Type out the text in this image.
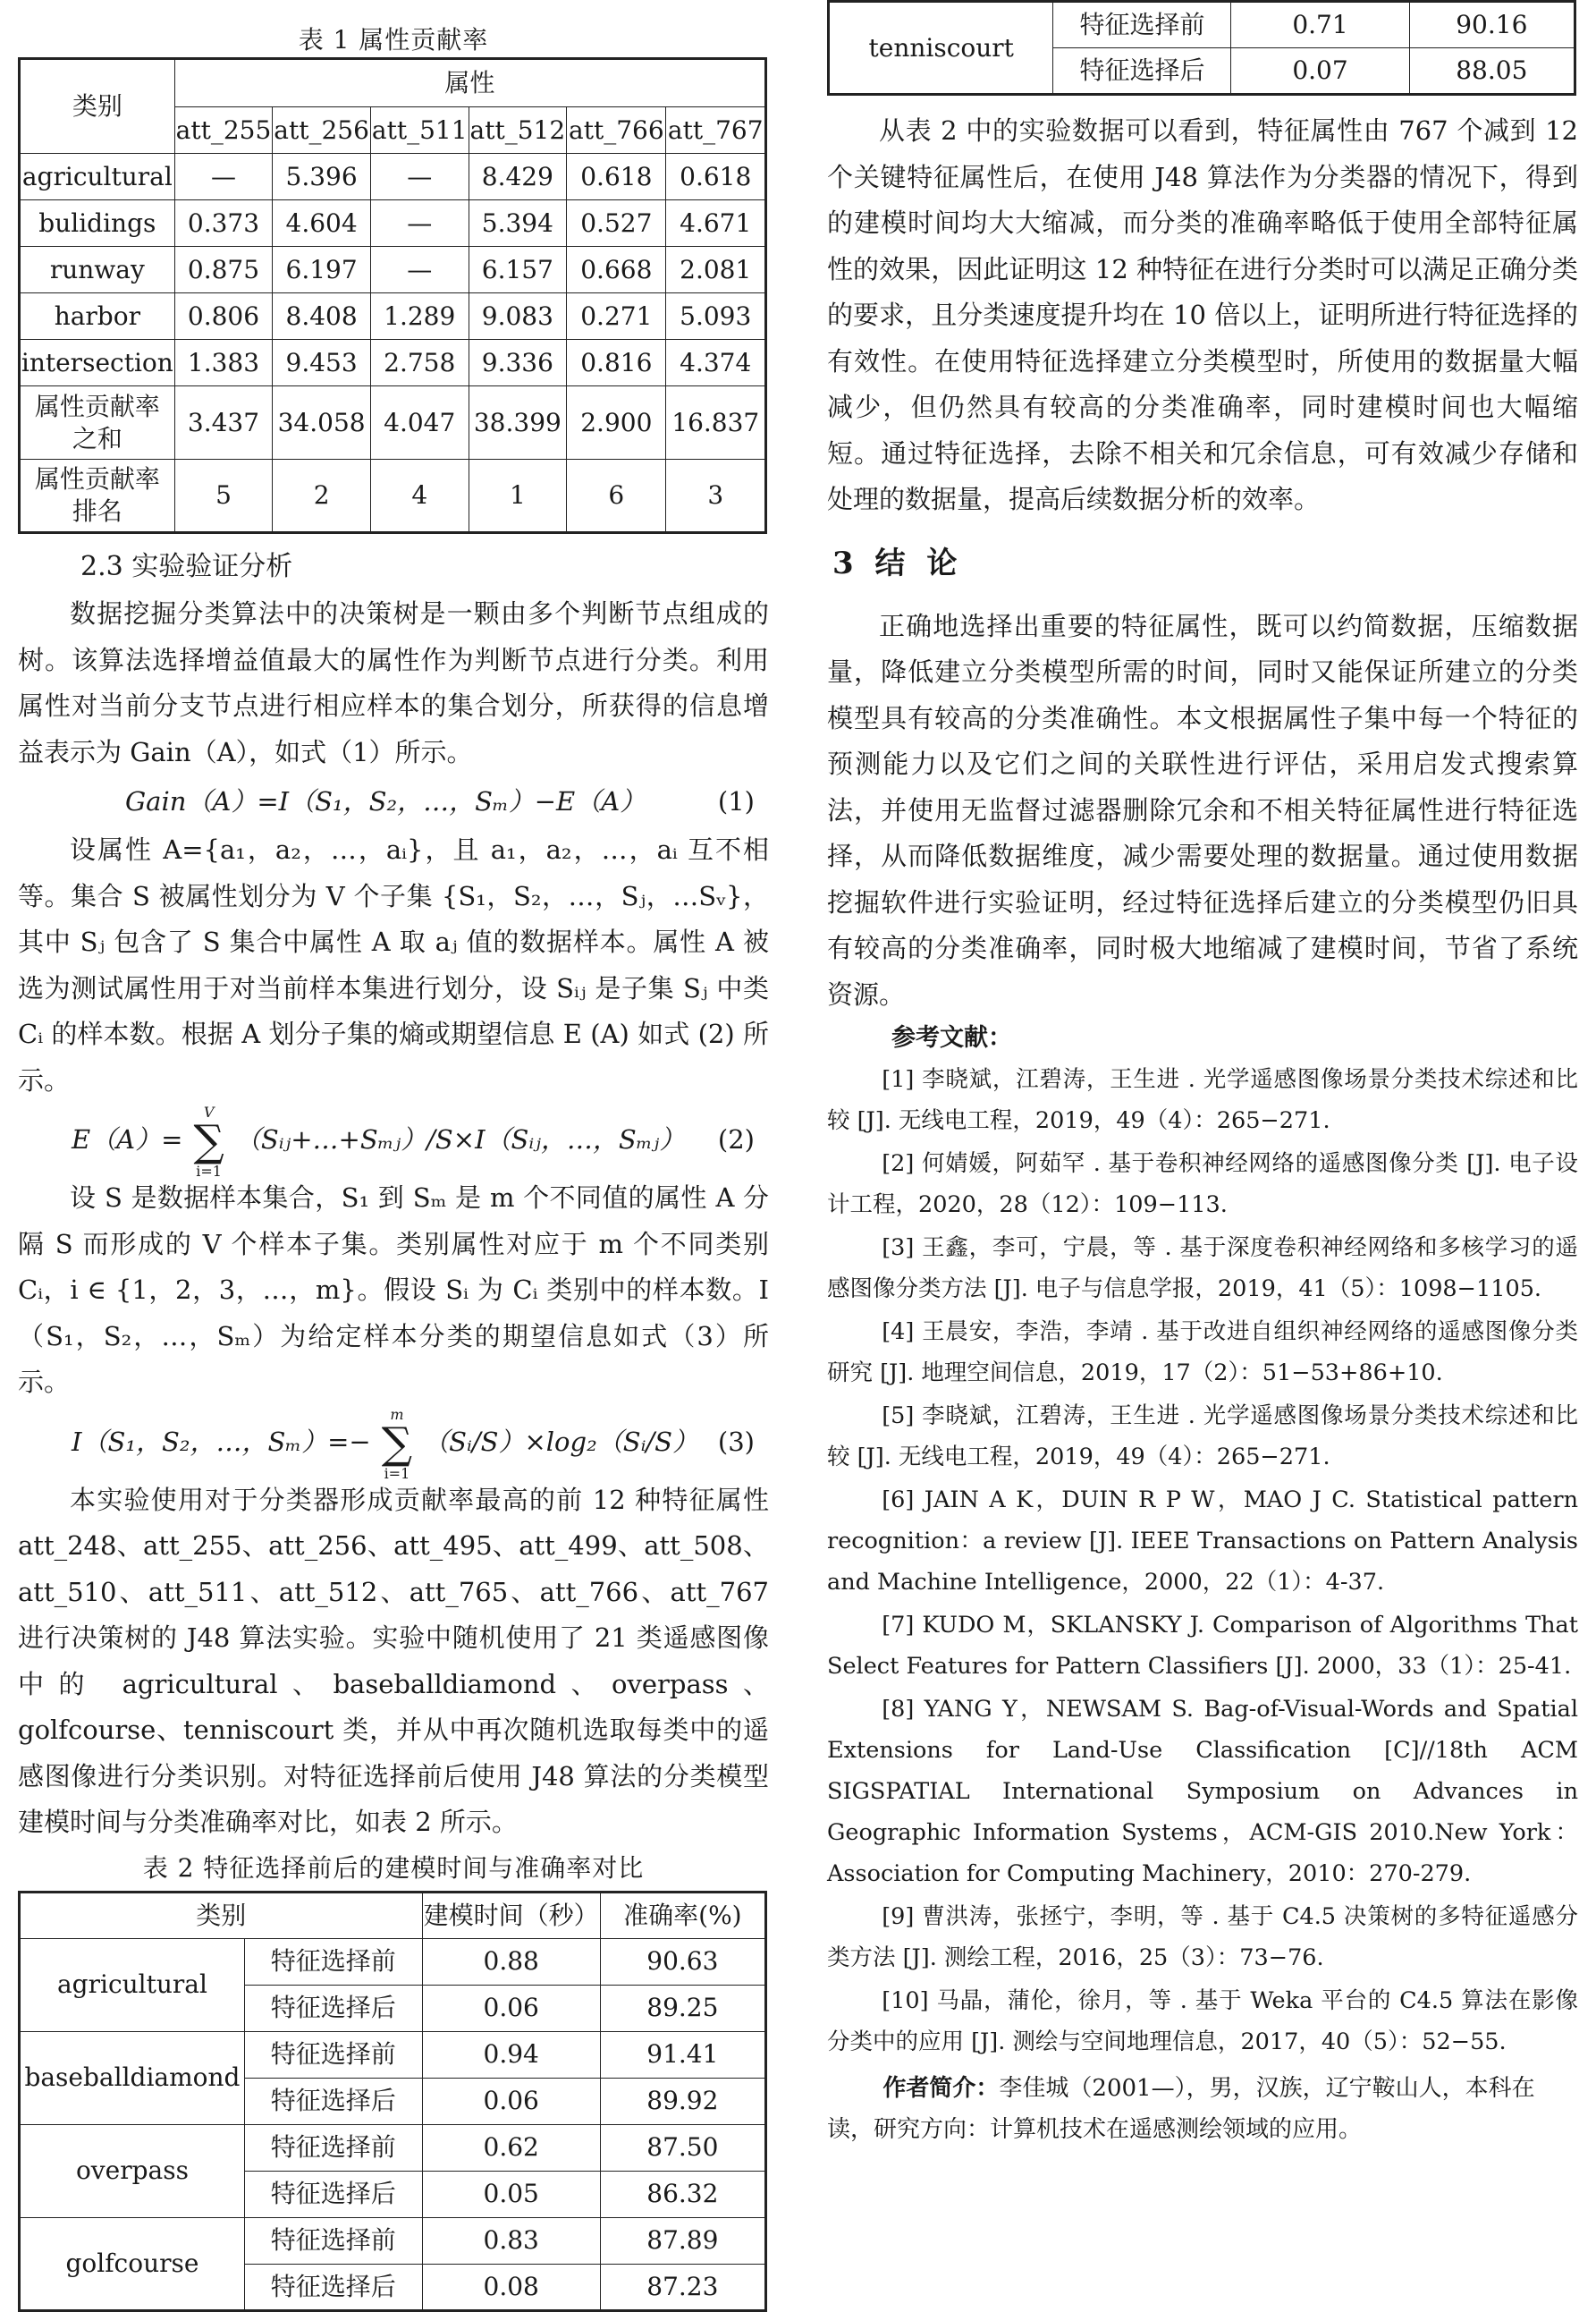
表 1 属性贡献率
类别	属性					
	att_255	att_256	att_511	att_512	att_766	att_767
agricultural	—	5.396	—	8.429	0.618	0.618
bulidings	0.373	4.604	—	5.394	0.527	4.671
runway	0.875	6.197	—	6.157	0.668	2.081
harbor	0.806	8.408	1.289	9.083	0.271	5.093
intersection	1.383	9.453	2.758	9.336	0.816	4.374
属性贡献率
之和	3.437	34.058	4.047	38.399	2.900	16.837
属性贡献率
排名	5	2	4	1	6	3

2.3 实验验证分析

数据挖掘分类算法中的决策树是一颗由多个判断节点组成的树。该算法选择增益值最大的属性作为判断节点进行分类。利用属性对当前分支节点进行相应样本的集合划分，所获得的信息增益表示为 Gain（A），如式（1）所示。

Gain（A）=I（S₁，S₂，…，Sₘ）−E（A）	(1)

设属性 A={a₁，a₂，…，aᵢ}，且 a₁，a₂，…，aᵢ 互不相等。集合 S 被属性划分为 V 个子集 {S₁，S₂，…，Sⱼ，…Sᵥ}，其中 Sⱼ 包含了 S 集合中属性 A 取 aⱼ 值的数据样本。属性 A 被选为测试属性用于对当前样本集进行划分，设 Sᵢⱼ 是子集 Sⱼ 中类 Cᵢ 的样本数。根据 A 划分子集的熵或期望信息 E (A) 如式 (2) 所示。

E（A）= ∑
V
i=1
（Sᵢⱼ+…+Sₘⱼ）/S×I（Sᵢⱼ，…，Sₘⱼ） (2)

设 S 是数据样本集合，S₁ 到 Sₘ 是 m 个不同值的属性 A 分隔 S 而形成的 V 个样本子集。类别属性对应于 m 个不同类别 Cᵢ，i ∈ {1，2，3，…，m}。假设 Sᵢ 为 Cᵢ 类别中的样本数。I（S₁，S₂，…，Sₘ）为给定样本分类的期望信息如式（3）所示。

I（S₁，S₂，…，Sₘ）=− ∑
m
i=1
（Sᵢ/S）×log₂（Sᵢ/S） (3)

本实验使用对于分类器形成贡献率最高的前 12 种特征属性 att_248、att_255、att_256、att_495、att_499、att_508、att_510、att_511、att_512、att_765、att_766、att_767 进行决策树的 J48 算法实验。实验中随机使用了 21 类遥感图像中的 agricultural、baseballdiamond、overpass、golfcourse、tenniscourt 类，并从中再次随机选取每类中的遥感图像进行分类识别。对特征选择前后使用 J48 算法的分类模型建模时间与分类准确率对比，如表 2 所示。

表 2 特征选择前后的建模时间与准确率对比
类别		建模时间（秒）	准确率(%)
agricultural	特征选择前	0.88	90.63
	特征选择后	0.06	89.25
baseballdiamond	特征选择前	0.94	91.41
	特征选择后	0.06	89.92
overpass	特征选择前	0.62	87.50
	特征选择后	0.05	86.32
golfcourse	特征选择前	0.83	87.89
	特征选择后	0.08	87.23
tenniscourt	特征选择前	0.71	90.16
	特征选择后	0.07	88.05

从表 2 中的实验数据可以看到，特征属性由 767 个减到 12 个关键特征属性后，在使用 J48 算法作为分类器的情况下，得到的建模时间均大大缩减，而分类的准确率略低于使用全部特征属性的效果，因此证明这 12 种特征在进行分类时可以满足正确分类的要求，且分类速度提升均在 10 倍以上，证明所进行特征选择的有效性。在使用特征选择建立分类模型时，所使用的数据量大幅减少，但仍然具有较高的分类准确率，同时建模时间也大幅缩短。通过特征选择，去除不相关和冗余信息，可有效减少存储和处理的数据量，提高后续数据分析的效率。

3 结 论

正确地选择出重要的特征属性，既可以约简数据，压缩数据量，降低建立分类模型所需的时间，同时又能保证所建立的分类模型具有较高的分类准确性。本文根据属性子集中每一个特征的预测能力以及它们之间的关联性进行评估，采用启发式搜索算法，并使用无监督过滤器删除冗余和不相关特征属性进行特征选择，从而降低数据维度，减少需要处理的数据量。通过使用数据挖掘软件进行实验证明，经过特征选择后建立的分类模型仍旧具有较高的分类准确率，同时极大地缩减了建模时间，节省了系统资源。

参考文献：

[1] 李晓斌，江碧涛，王生进 . 光学遥感图像场景分类技术综述和比较 [J]. 无线电工程，2019，49（4）：265−271.

[2] 何婧媛，阿茹罕 . 基于卷积神经网络的遥感图像分类 [J]. 电子设计工程，2020，28（12）：109−113.

[3] 王鑫，李可，宁晨，等 . 基于深度卷积神经网络和多核学习的遥感图像分类方法 [J]. 电子与信息学报，2019，41（5）：1098−1105.

[4] 王晨安，李浩，李靖 . 基于改进自组织神经网络的遥感图像分类研究 [J]. 地理空间信息，2019，17（2）：51−53+86+10.

[5] 李晓斌，江碧涛，王生进 . 光学遥感图像场景分类技术综述和比较 [J]. 无线电工程，2019，49（4）：265−271.

[6] JAIN A K，DUIN R P W，MAO J C. Statistical pattern recognition：a review [J]. IEEE Transactions on Pattern Analysis and Machine Intelligence，2000，22（1）：4-37.

[7] KUDO M，SKLANSKY J. Comparison of Algorithms That Select Features for Pattern Classifiers [J]. 2000，33（1）：25-41.

[8] YANG Y，NEWSAM S. Bag-of-Visual-Words and Spatial Extensions for Land-Use Classification [C]//18th ACM SIGSPATIAL International Symposium on Advances in Geographic Information Systems，ACM-GIS 2010.New York：Association for Computing Machinery，2010：270-279.

[9] 曹洪涛，张拯宁，李明，等 . 基于 C4.5 决策树的多特征遥感分类方法 [J]. 测绘工程，2016，25（3）：73−76.

[10] 马晶，蒲伦，徐月，等 . 基于 Weka 平台的 C4.5 算法在影像分类中的应用 [J]. 测绘与空间地理信息，2017，40（5）：52−55.

作者简介：李佳城（2001—），男，汉族，辽宁鞍山人，本科在读，研究方向：计算机技术在遥感测绘领域的应用。
